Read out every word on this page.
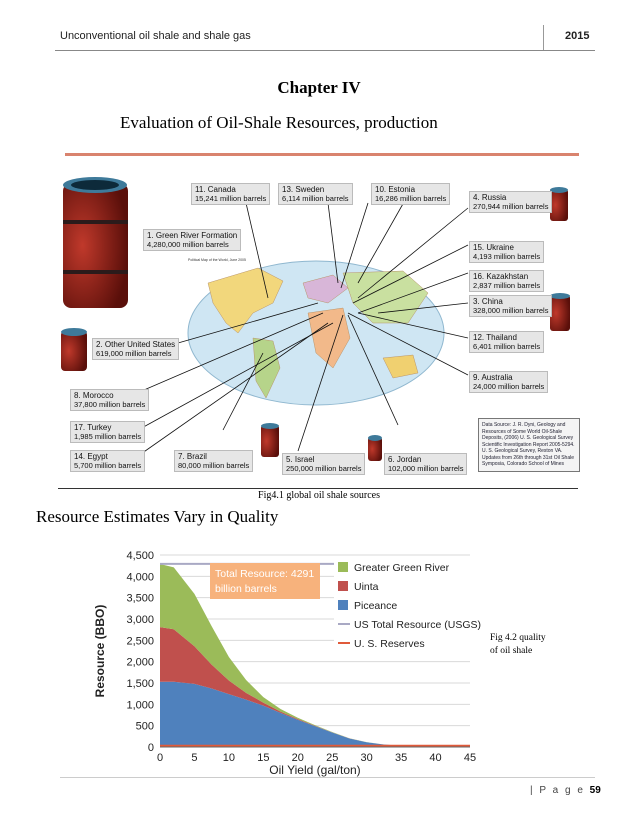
Unconventional oil shale and shale gas	2015
Chapter IV
Evaluation of Oil-Shale Resources, production
Political Map of the World, June 2005
11. Canada
15,241 million barrels
13. Sweden
6,114 million barrels
10. Estonia
16,286 million barrels	4. Russia
270,944 million barrels
1. Green River Formation
4,280,000 million barrels	15. Ukraine
4,193 million barrels
16. Kazakhstan
2,837 million barrels
3. China
328,000 million barrels
2. Other United States
619,000 million barrels
12. Thailand
6,401 million barrels
9. Australia
24,000 million barrels
8. Morocco
37,800 million barrels
17. Turkey
1,985 million barrels
14. Egypt
5,700 million barrels
7. Brazil
80,000 million barrels
5. Israel
250,000 million barrels
6. Jordan
102,000 million barrels
Data Source: J. R. Dyni, Geology and Resources of Some World Oil-Shale Deposits, (2006) U. S. Geological Survey Scientific Investigation Report 2005-5294. U. S. Geological Survey, Reston VA. Updates from 26th through 31st Oil Shale Symposia, Colorado School of Mines
Fig4.1 global oil shale sources
Resource Estimates Vary in Quality
0
500
1,000
1,500
2,000
2,500
3,000
3,500
4,000
4,500
0	5 10 15 20 25 30 35 40 45
Total Resource: 4291
billion barrels
Greater Green River
Uinta
Piceance
US Total Resource (USGS)
U. S. Reserves
Oil Yield (gal/ton)
Resource (BBO)	Fig 4.2 quality
of oil shale
| P a g e 59
